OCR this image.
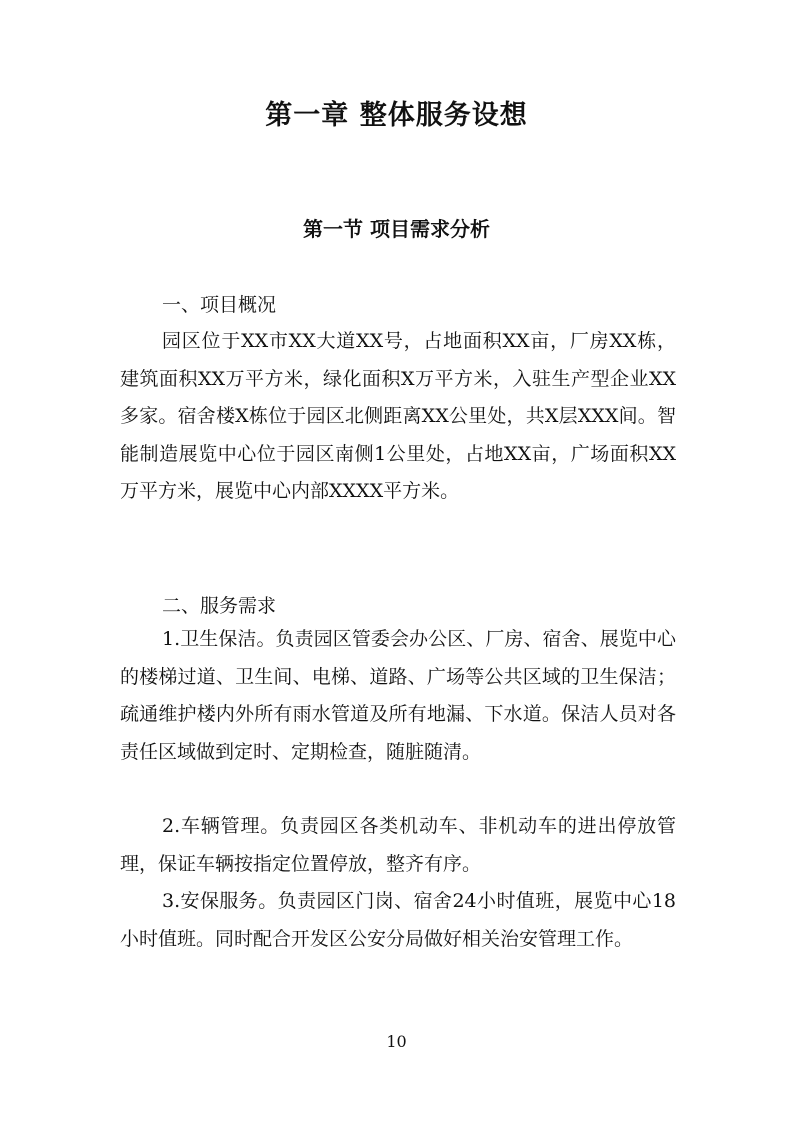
第一章 整体服务设想
第一节 项目需求分析
一、项目概况

园区位于XX市XX大道XX号，占地面积XX亩，厂房XX栋，建筑面积XX万平方米，绿化面积X万平方米，入驻生产型企业XX多家。宿舍楼X栋位于园区北侧距离XX公里处，共X层XXX间。智能制造展览中心位于园区南侧1公里处，占地XX亩，广场面积XX万平方米，展览中心内部XXXX平方米。

二、服务需求

1.卫生保洁。负责园区管委会办公区、厂房、宿舍、展览中心的楼梯过道、卫生间、电梯、道路、广场等公共区域的卫生保洁；疏通维护楼内外所有雨水管道及所有地漏、下水道。保洁人员对各责任区域做到定时、定期检查，随脏随清。

2.车辆管理。负责园区各类机动车、非机动车的进出停放管理，保证车辆按指定位置停放，整齐有序。

3.安保服务。负责园区门岗、宿舍24小时值班，展览中心18小时值班。同时配合开发区公安分局做好相关治安管理工作。

10
